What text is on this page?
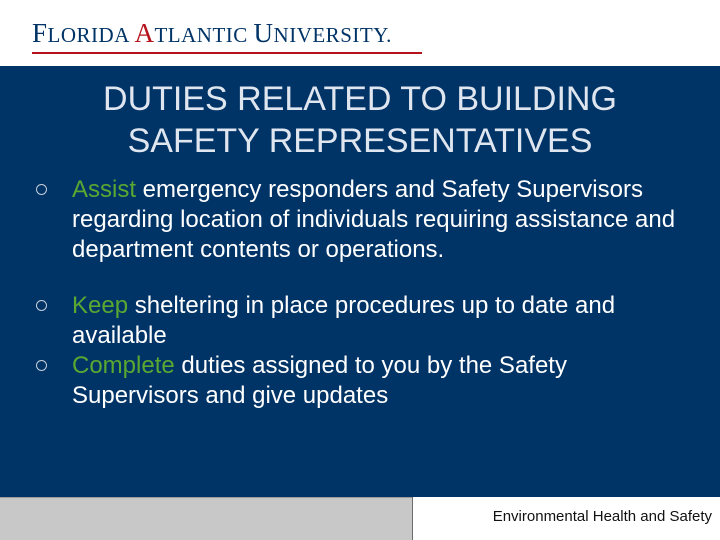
FLORIDA ATLANTIC UNIVERSITY.
DUTIES RELATED TO BUILDING
SAFETY REPRESENTATIVES
Assist emergency responders and Safety Supervisors regarding location of individuals requiring assistance and department contents or operations.
Keep sheltering in place procedures up to date and available
Complete duties assigned to you by the Safety Supervisors and give updates
Environmental Health and Safety
